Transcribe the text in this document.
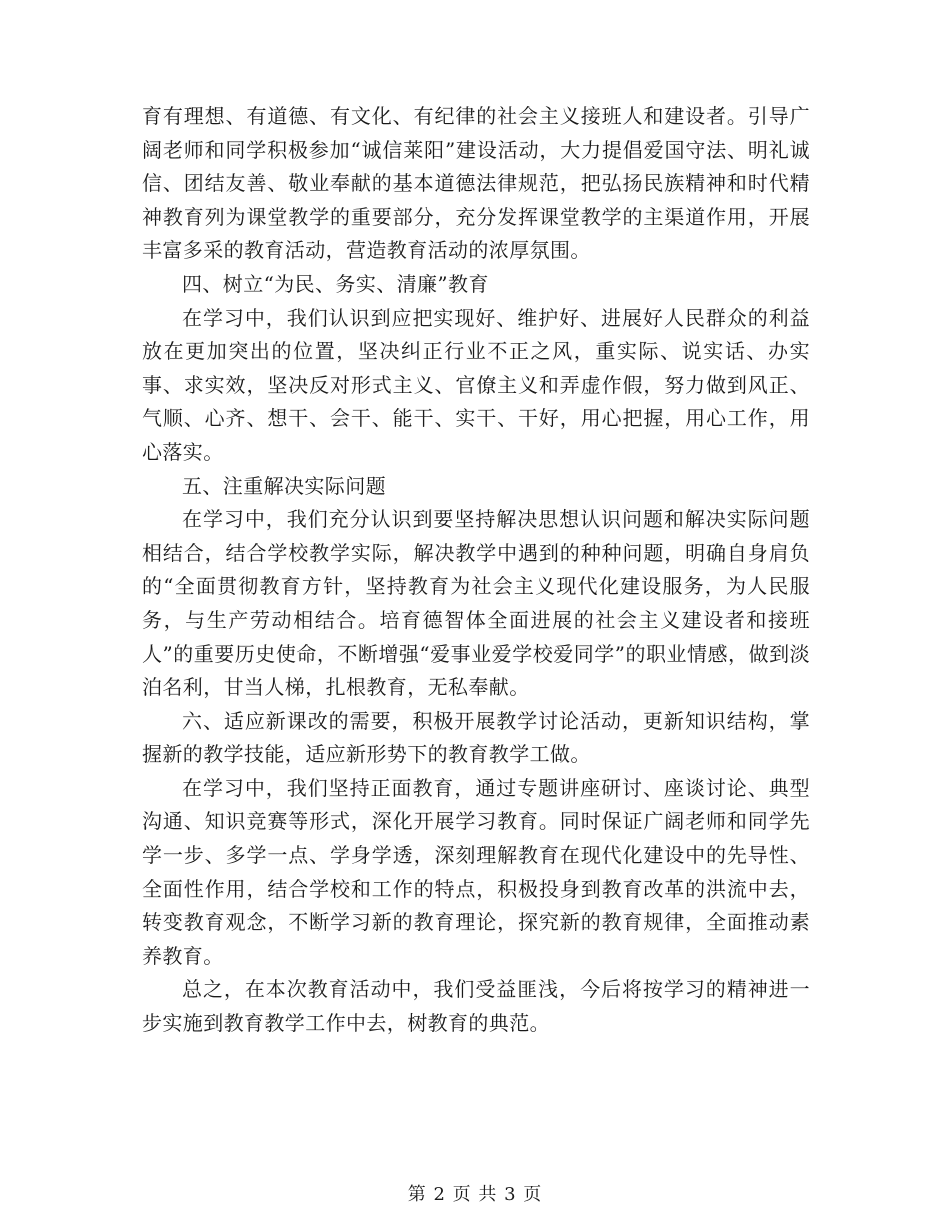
育有理想、有道德、有文化、有纪律的社会主义接班人和建设者。引导广阔老师和同学积极参加“诚信莱阳”建设活动，大力提倡爱国守法、明礼诚信、团结友善、敬业奉献的基本道德法律规范，把弘扬民族精神和时代精神教育列为课堂教学的重要部分，充分发挥课堂教学的主渠道作用，开展丰富多采的教育活动，营造教育活动的浓厚氛围。

四、树立“为民、务实、清廉”教育

在学习中，我们认识到应把实现好、维护好、进展好人民群众的利益放在更加突出的位置，坚决纠正行业不正之风，重实际、说实话、办实事、求实效，坚决反对形式主义、官僚主义和弄虚作假，努力做到风正、气顺、心齐、想干、会干、能干、实干、干好，用心把握，用心工作，用心落实。

五、注重解决实际问题

在学习中，我们充分认识到要坚持解决思想认识问题和解决实际问题相结合，结合学校教学实际，解决教学中遇到的种种问题，明确自身肩负的“全面贯彻教育方针，坚持教育为社会主义现代化建设服务，为人民服务，与生产劳动相结合。培育德智体全面进展的社会主义建设者和接班人”的重要历史使命，不断增强“爱事业爱学校爱同学”的职业情感，做到淡泊名利，甘当人梯，扎根教育，无私奉献。

六、适应新课改的需要，积极开展教学讨论活动，更新知识结构，掌握新的教学技能，适应新形势下的教育教学工做。

在学习中，我们坚持正面教育，通过专题讲座研讨、座谈讨论、典型沟通、知识竞赛等形式，深化开展学习教育。同时保证广阔老师和同学先学一步、多学一点、学身学透，深刻理解教育在现代化建设中的先导性、全面性作用，结合学校和工作的特点，积极投身到教育改革的洪流中去，转变教育观念，不断学习新的教育理论，探究新的教育规律，全面推动素养教育。

总之，在本次教育活动中，我们受益匪浅，今后将按学习的精神进一步实施到教育教学工作中去，树教育的典范。

第 2 页 共 3 页
